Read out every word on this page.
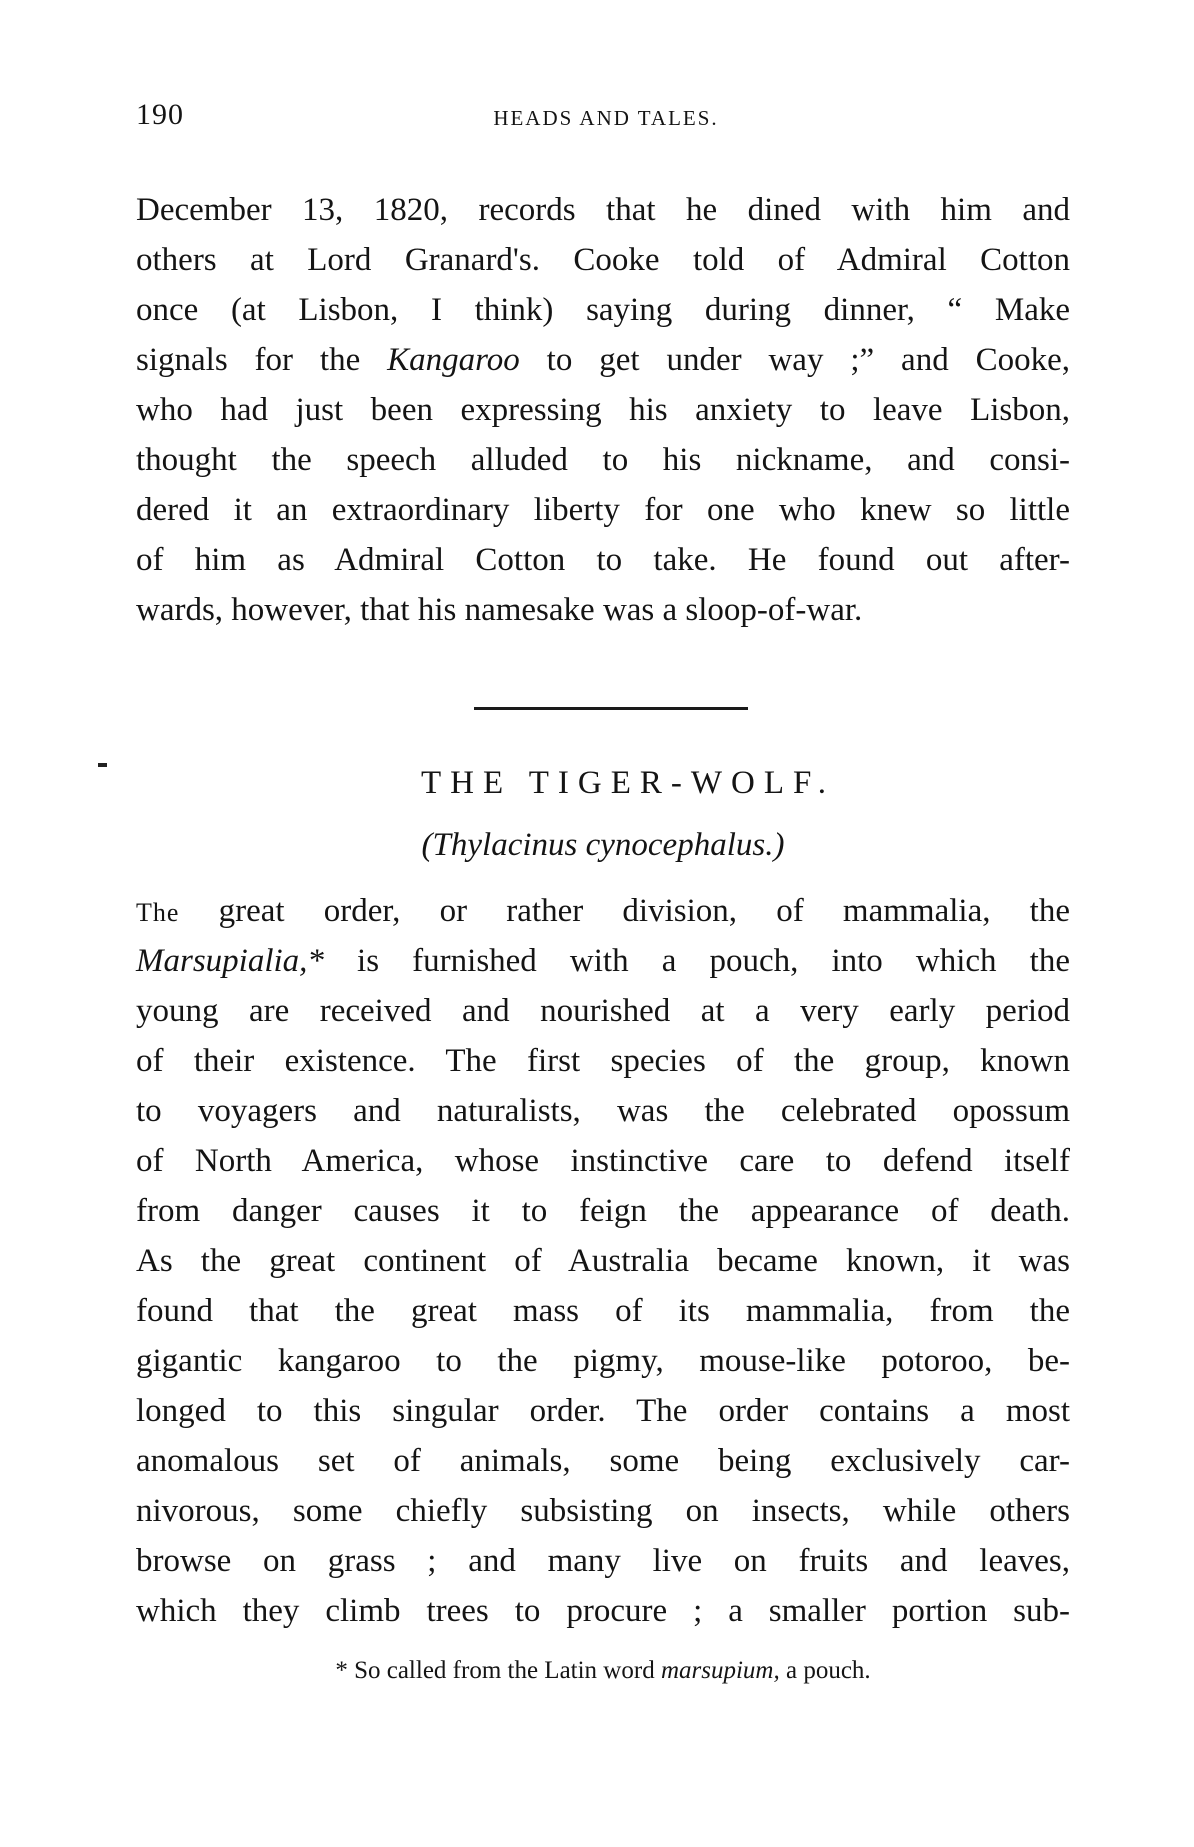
190	HEADS AND TALES.
December 13, 1820, records that he dined with him and
others at Lord Granard's. Cooke told of Admiral Cotton
once (at Lisbon, I think) saying during dinner, “ Make
signals for the Kangaroo to get under way ;” and Cooke,
who had just been expressing his anxiety to leave Lisbon,
thought the speech alluded to his nickname, and consi-
dered it an extraordinary liberty for one who knew so little
of him as Admiral Cotton to take. He found out after-
wards, however, that his namesake was a sloop-of-war.
THE TIGER-WOLF.
(Thylacinus cynocephalus.)
The great order, or rather division, of mammalia, the
Marsupialia,* is furnished with a pouch, into which the
young are received and nourished at a very early period
of their existence. The first species of the group, known
to voyagers and naturalists, was the celebrated opossum
of North America, whose instinctive care to defend itself
from danger causes it to feign the appearance of death.
As the great continent of Australia became known, it was
found that the great mass of its mammalia, from the
gigantic kangaroo to the pigmy, mouse-like potoroo, be-
longed to this singular order. The order contains a most
anomalous set of animals, some being exclusively car-
nivorous, some chiefly subsisting on insects, while others
browse on grass ; and many live on fruits and leaves,
which they climb trees to procure ; a smaller portion sub-
* So called from the Latin word marsupium, a pouch.
